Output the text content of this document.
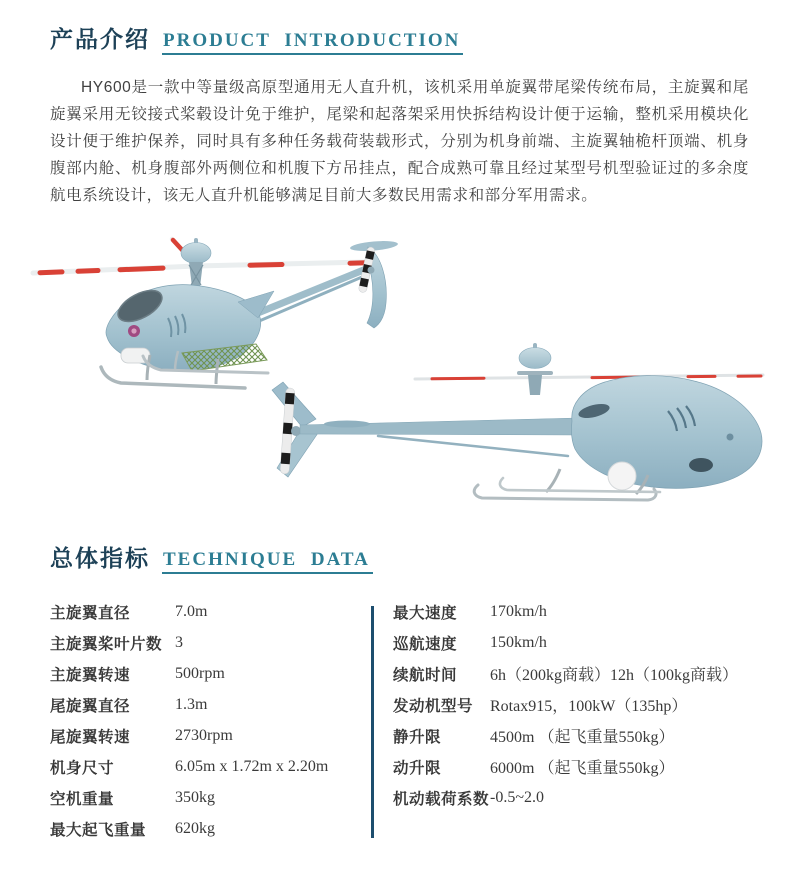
产品介绍 PRODUCT INTRODUCTION

HY600是一款中等量级高原型通用无人直升机，该机采用单旋翼带尾梁传统布局，主旋翼和尾旋翼采用无铰接式桨毂设计免于维护，尾梁和起落架采用快拆结构设计便于运输，整机采用模块化设计便于维护保养，同时具有多种任务载荷装载形式，分别为机身前端、主旋翼轴桅杆顶端、机身腹部内舱、机身腹部外两侧位和机腹下方吊挂点，配合成熟可靠且经过某型号机型验证过的多余度航电系统设计，该无人直升机能够满足目前大多数民用需求和部分军用需求。

总体指标 TECHNIQUE DATA
主旋翼直径	7.0m
主旋翼桨叶片数 3
主旋翼转速	500rpm
尾旋翼直径	1.3m
尾旋翼转速	2730rpm
机身尺寸	6.05m x 1.72m x 2.20m
空机重量	350kg
最大起飞重量	620kg
最大速度	170km/h
巡航速度	150km/h
续航时间	6h（200kg商载）12h（100kg商载）
发动机型号	Rotax915，100kW（135hp）
静升限	4500m （起飞重量550kg）
动升限	6000m （起飞重量550kg）
机动载荷系数 -0.5~2.0
